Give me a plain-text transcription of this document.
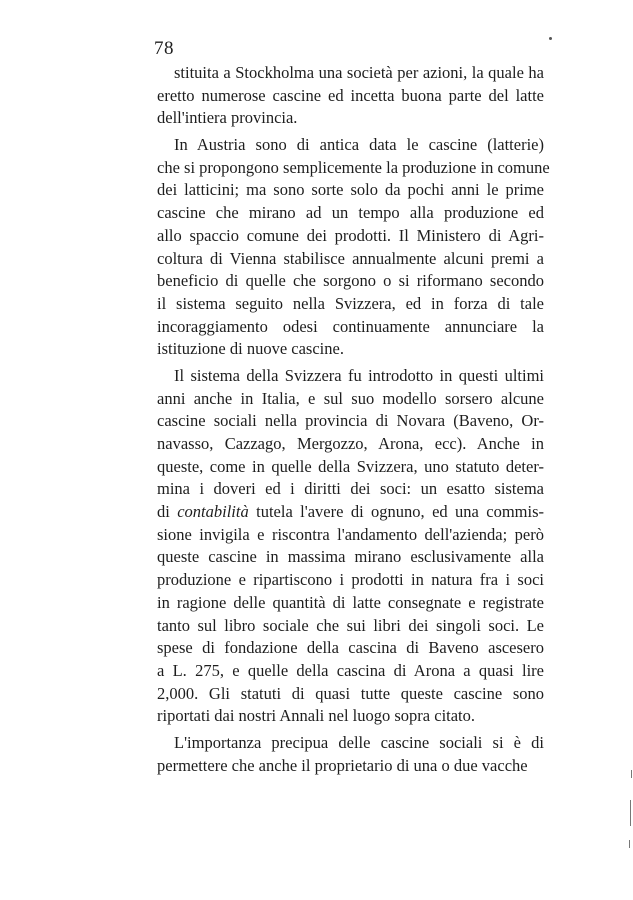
78
stituita a Stockholma una società per azioni, la quale ha
eretto numerose cascine ed incetta buona parte del latte
dell'intiera provincia.
In Austria sono di antica data le cascine (latterie)
che si propongono semplicemente la produzione in comune
dei latticini; ma sono sorte solo da pochi anni le prime
cascine che mirano ad un tempo alla produzione ed
allo spaccio comune dei prodotti. Il Ministero di Agri-
coltura di Vienna stabilisce annualmente alcuni premi a
beneficio di quelle che sorgono o si riformano secondo
il sistema seguito nella Svizzera, ed in forza di tale
incoraggiamento odesi continuamente annunciare la
istituzione di nuove cascine.
Il sistema della Svizzera fu introdotto in questi ultimi
anni anche in Italia, e sul suo modello sorsero alcune
cascine sociali nella provincia di Novara (Baveno, Or-
navasso, Cazzago, Mergozzo, Arona, ecc). Anche in
queste, come in quelle della Svizzera, uno statuto deter-
mina i doveri ed i diritti dei soci: un esatto sistema
di contabilità tutela l'avere di ognuno, ed una commis-
sione invigila e riscontra l'andamento dell'azienda; però
queste cascine in massima mirano esclusivamente alla
produzione e ripartiscono i prodotti in natura fra i soci
in ragione delle quantità di latte consegnate e registrate
tanto sul libro sociale che sui libri dei singoli soci. Le
spese di fondazione della cascina di Baveno ascesero
a L. 275, e quelle della cascina di Arona a quasi lire
2,000. Gli statuti di quasi tutte queste cascine sono
riportati dai nostri Annali nel luogo sopra citato.
L'importanza precipua delle cascine sociali si è di
permettere che anche il proprietario di una o due vacche
